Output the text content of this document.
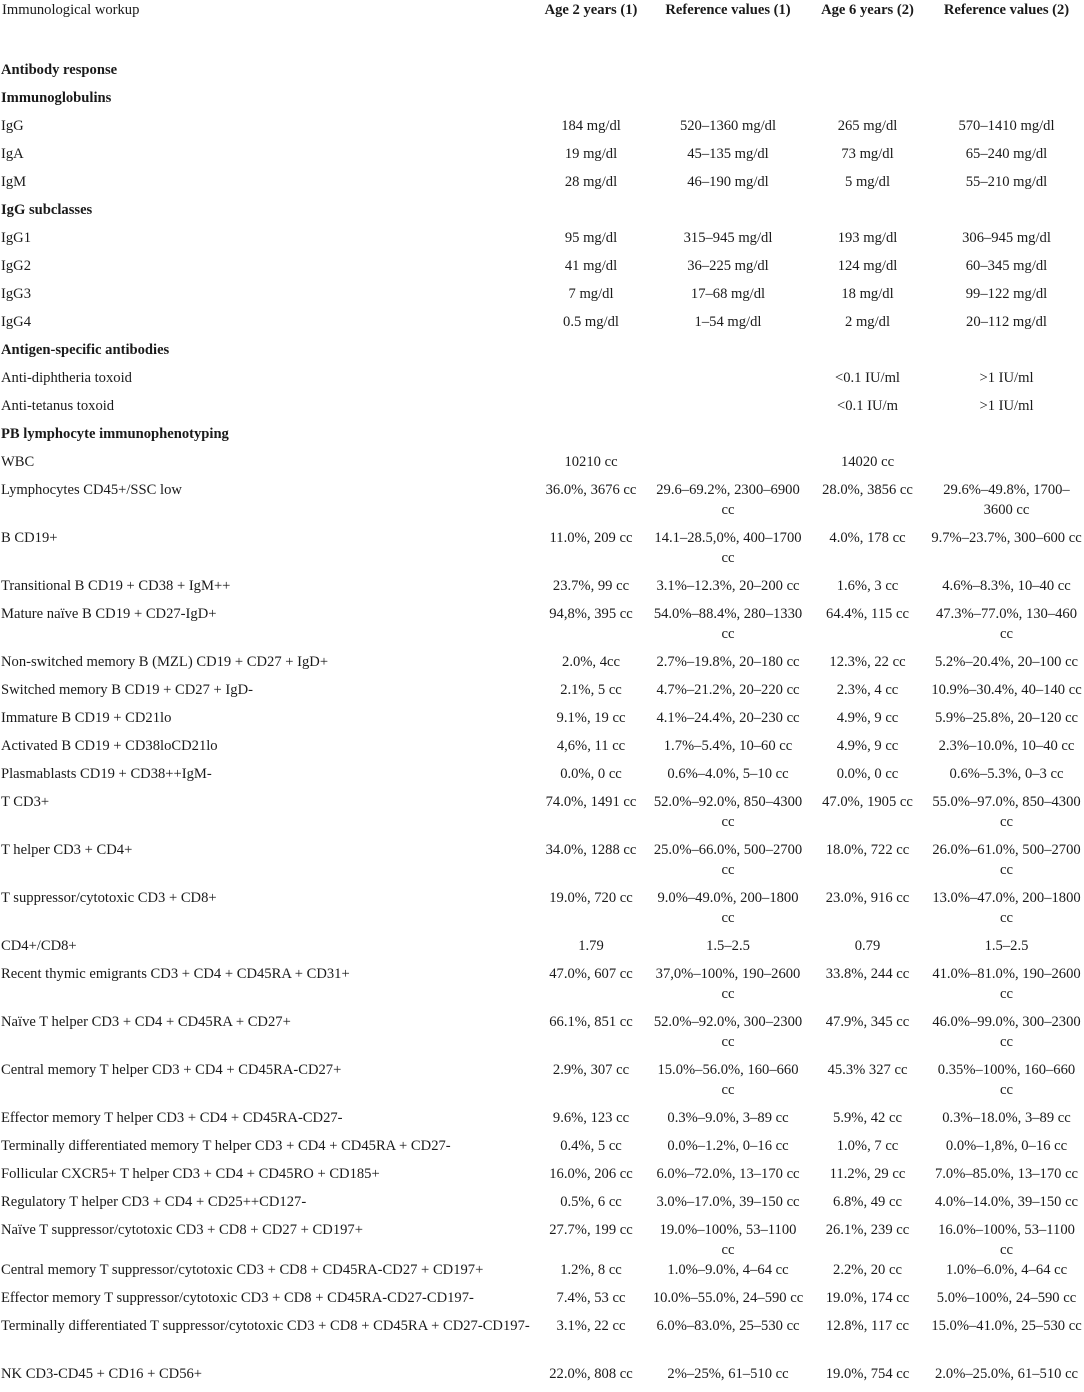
Immunological workup	Age 2 years (1)	Reference values (1)	Age 6 years (2)	Reference values (2)

Antibody response				

Immunoglobulins				

IgG	184 mg/dl	520–1360 mg/dl	265 mg/dl	570–1410 mg/dl

IgA	19 mg/dl	45–135 mg/dl	73 mg/dl	65–240 mg/dl

IgM	28 mg/dl	46–190 mg/dl	5 mg/dl	55–210 mg/dl

IgG subclasses				

IgG1	95 mg/dl	315–945 mg/dl	193 mg/dl	306–945 mg/dl

IgG2	41 mg/dl	36–225 mg/dl	124 mg/dl	60–345 mg/dl

IgG3	7 mg/dl	17–68 mg/dl	18 mg/dl	99–122 mg/dl

IgG4	0.5 mg/dl	1–54 mg/dl	2 mg/dl	20–112 mg/dl

Antigen-specific antibodies				

Anti-diphtheria toxoid			<0.1 IU/ml	>1 IU/ml

Anti-tetanus toxoid			<0.1 IU/m	>1 IU/ml

PB lymphocyte immunophenotyping				

WBC	10210 cc		14020 cc	

Lymphocytes CD45+/SSC low	36.0%, 3676 cc	29.6–69.2%, 2300–6900 cc	28.0%, 3856 cc	29.6%–49.8%, 1700–3600 cc

B CD19+	11.0%, 209 cc	14.1–28.5,0%, 400–1700 cc	4.0%, 178 cc	9.7%–23.7%, 300–600 cc

Transitional B CD19 + CD38 + IgM++	23.7%, 99 cc	3.1%–12.3%, 20–200 cc	1.6%, 3 cc	4.6%–8.3%, 10–40 cc

Mature naïve B CD19 + CD27-IgD+	94,8%, 395 cc	54.0%–88.4%, 280–1330 cc	64.4%, 115 cc	47.3%–77.0%, 130–460 cc

Non-switched memory B (MZL) CD19 + CD27 + IgD+	2.0%, 4cc	2.7%–19.8%, 20–180 cc	12.3%, 22 cc	5.2%–20.4%, 20–100 cc

Switched memory B CD19 + CD27 + IgD-	2.1%, 5 cc	4.7%–21.2%, 20–220 cc	2.3%, 4 cc	10.9%–30.4%, 40–140 cc

Immature B CD19 + CD21lo	9.1%, 19 cc	4.1%–24.4%, 20–230 cc	4.9%, 9 cc	5.9%–25.8%, 20–120 cc

Activated B CD19 + CD38loCD21lo	4,6%, 11 cc	1.7%–5.4%, 10–60 cc	4.9%, 9 cc	2.3%–10.0%, 10–40 cc

Plasmablasts CD19 + CD38++IgM-	0.0%, 0 cc	0.6%–4.0%, 5–10 cc	0.0%, 0 cc	0.6%–5.3%, 0–3 cc

T CD3+	74.0%, 1491 cc	52.0%–92.0%, 850–4300 cc	47.0%, 1905 cc	55.0%–97.0%, 850–4300 cc

T helper CD3 + CD4+	34.0%, 1288 cc	25.0%–66.0%, 500–2700 cc	18.0%, 722 cc	26.0%–61.0%, 500–2700 cc

T suppressor/cytotoxic CD3 + CD8+	19.0%, 720 cc	9.0%–49.0%, 200–1800 cc	23.0%, 916 cc	13.0%–47.0%, 200–1800 cc

CD4+/CD8+	1.79	1.5–2.5	0.79	1.5–2.5

Recent thymic emigrants CD3 + CD4 + CD45RA + CD31+	47.0%, 607 cc	37,0%–100%, 190–2600 cc	33.8%, 244 cc	41.0%–81.0%, 190–2600 cc

Naïve T helper CD3 + CD4 + CD45RA + CD27+	66.1%, 851 cc	52.0%–92.0%, 300–2300 cc	47.9%, 345 cc	46.0%–99.0%, 300–2300 cc

Central memory T helper CD3 + CD4 + CD45RA-CD27+	2.9%, 307 cc	15.0%–56.0%, 160–660 cc	45.3% 327 cc	0.35%–100%, 160–660 cc

Effector memory T helper CD3 + CD4 + CD45RA-CD27-	9.6%, 123 cc	0.3%–9.0%, 3–89 cc	5.9%, 42 cc	0.3%–18.0%, 3–89 cc

Terminally differentiated memory T helper CD3 + CD4 + CD45RA + CD27-	0.4%, 5 cc	0.0%–1.2%, 0–16 cc	1.0%, 7 cc	0.0%–1,8%, 0–16 cc

Follicular CXCR5+ T helper CD3 + CD4 + CD45RO + CD185+	16.0%, 206 cc	6.0%–72.0%, 13–170 cc	11.2%, 29 cc	7.0%–85.0%, 13–170 cc

Regulatory T helper CD3 + CD4 + CD25++CD127-	0.5%, 6 cc	3.0%–17.0%, 39–150 cc	6.8%, 49 cc	4.0%–14.0%, 39–150 cc

Naïve T suppressor/cytotoxic CD3 + CD8 + CD27 + CD197+	27.7%, 199 cc	19.0%–100%, 53–1100 cc	26.1%, 239 cc	16.0%–100%, 53–1100 cc

Central memory T suppressor/cytotoxic CD3 + CD8 + CD45RA-CD27 + CD197+	1.2%, 8 cc	1.0%–9.0%, 4–64 cc	2.2%, 20 cc	1.0%–6.0%, 4–64 cc

Effector memory T suppressor/cytotoxic CD3 + CD8 + CD45RA-CD27-CD197-	7.4%, 53 cc	10.0%–55.0%, 24–590 cc	19.0%, 174 cc	5.0%–100%, 24–590 cc

Terminally differentiated T suppressor/cytotoxic CD3 + CD8 + CD45RA + CD27-CD197-	3.1%, 22 cc	6.0%–83.0%, 25–530 cc	12.8%, 117 cc	15.0%–41.0%, 25–530 cc

NK CD3-CD45 + CD16 + CD56+	22.0%, 808 cc	2%–25%, 61–510 cc	19.0%, 754 cc	2.0%–25.0%, 61–510 cc
